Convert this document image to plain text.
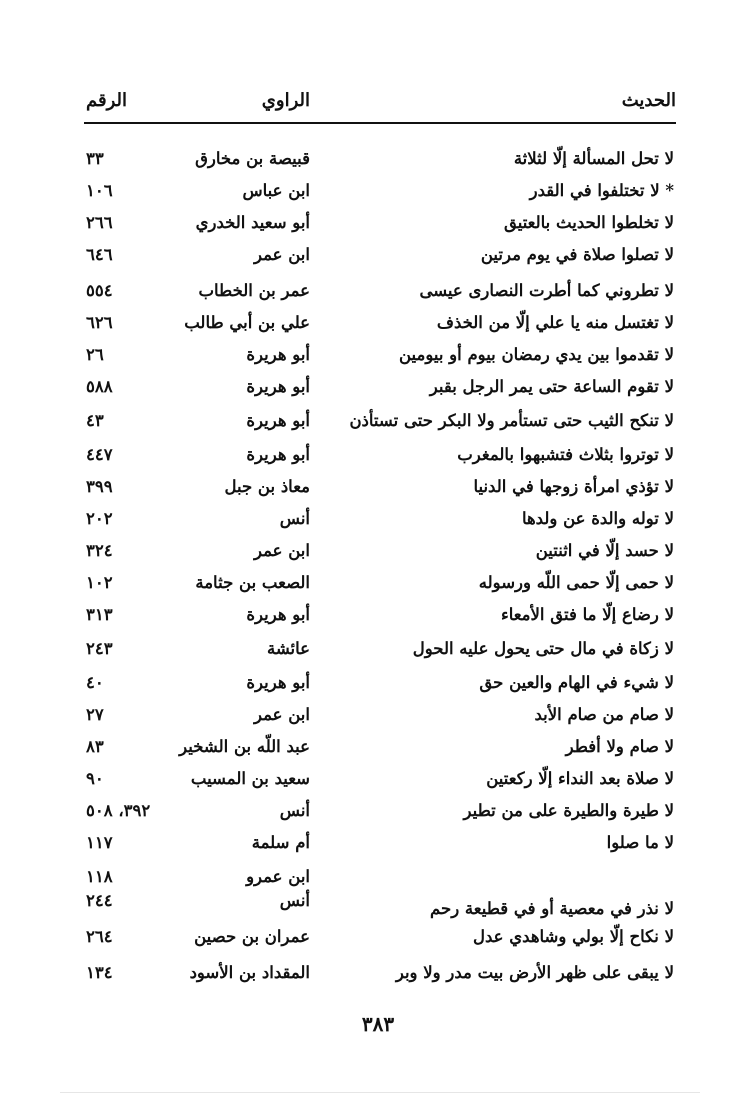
الحديث
الراوي
الرقم
لا تحل المسألة إلّا لثلاثة
قبيصة بن مخارق
٣٣
* لا تختلفوا في القدر
ابن عباس
١٠٦
لا تخلطوا الحديث بالعتيق
أبو سعيد الخدري
٢٦٦
لا تصلوا صلاة في يوم مرتين
ابن عمر
٦٤٦
لا تطروني كما أطرت النصارى عيسى
عمر بن الخطاب
٥٥٤
لا تغتسل منه يا علي إلّا من الخذف
علي بن أبي طالب
٦٢٦
لا تقدموا بين يدي رمضان بيوم أو بيومين
أبو هريرة
٢٦
لا تقوم الساعة حتى يمر الرجل بقبر
أبو هريرة
٥٨٨
لا تنكح الثيب حتى تستأمر ولا البكر حتى تستأذن
أبو هريرة
٤٣
لا توتروا بثلاث فتشبهوا بالمغرب
أبو هريرة
٤٤٧
لا تؤذي امرأة زوجها في الدنيا
معاذ بن جبل
٣٩٩
لا توله والدة عن ولدها
أنس
٢٠٢
لا حسد إلّا في اثنتين
ابن عمر
٣٢٤
لا حمى إلّا حمى اللّه ورسوله
الصعب بن جثامة
١٠٢
لا رضاع إلّا ما فتق الأمعاء
أبو هريرة
٣١٣
لا زكاة في مال حتى يحول عليه الحول
عائشة
٢٤٣
لا شيء في الهام والعين حق
أبو هريرة
٤٠
لا صام من صام الأبد
ابن عمر
٢٧
لا صام ولا أفطر
عبد اللّه بن الشخير
٨٣
لا صلاة بعد النداء إلّا ركعتين
سعيد بن المسيب
٩٠
لا طيرة والطيرة على من تطير
أنس
٣٩٢، ٥٠٨
لا ما صلوا
أم سلمة
١١٧
ابن عمرو
١١٨
لا نذر في معصية أو في قطيعة رحم
أنس
٢٤٤
لا نكاح إلّا بولي وشاهدي عدل
عمران بن حصين
٢٦٤
لا يبقى على ظهر الأرض بيت مدر ولا وبر
المقداد بن الأسود
١٣٤
٣٨٣
